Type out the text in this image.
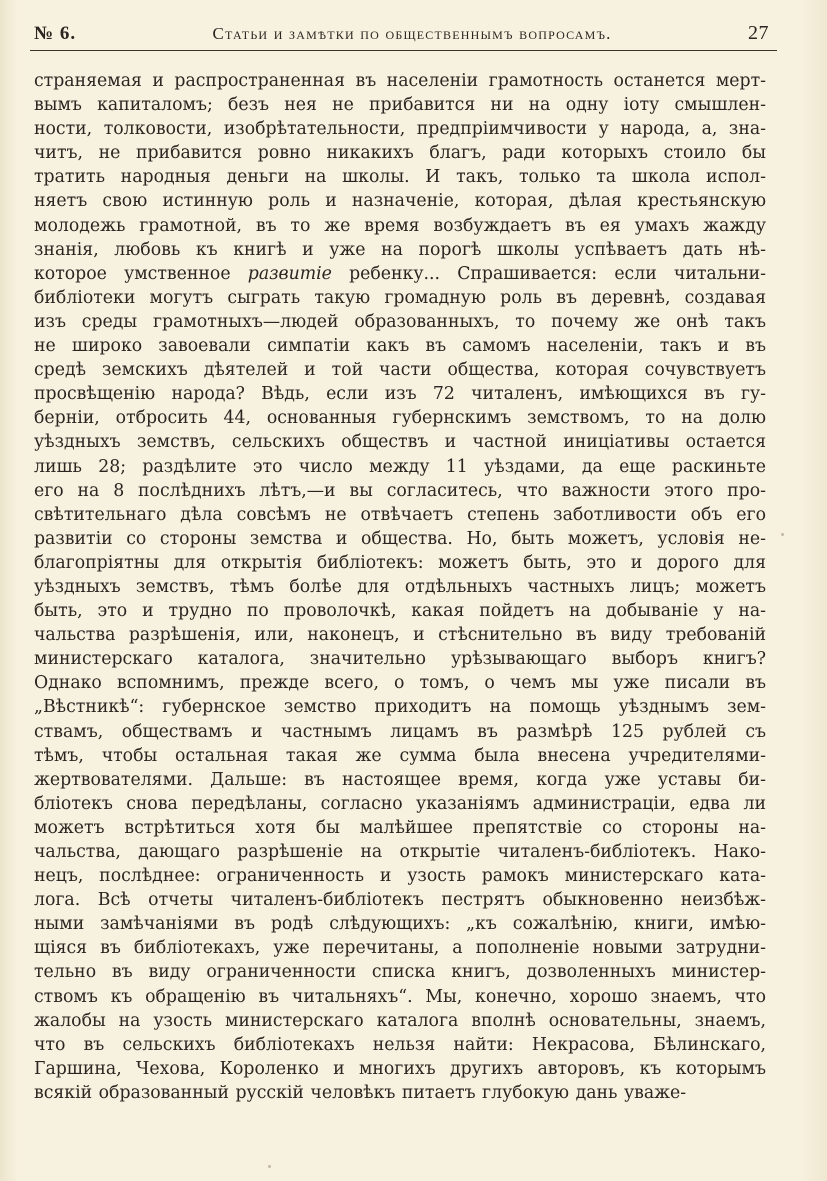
№ 6.	Статьи и замѣтки по общественнымъ вопросамъ.	27
страняемая и распространенная въ населеніи грамотность останется мерт-
вымъ капиталомъ; безъ нея не прибавится ни на одну іоту смышлен-
ности, толковости, изобрѣтательности, предпріимчивости у народа, а, зна-
читъ, не прибавится ровно никакихъ благъ, ради которыхъ стоило бы
тратить народныя деньги на школы. И такъ, только та школа испол-
няетъ свою истинную роль и назначеніе, которая, дѣлая крестьянскую
молодежь грамотной, въ то же время возбуждаетъ въ ея умахъ жажду
знанія, любовь къ книгѣ и уже на порогѣ школы успѣваетъ дать нѣ-
которое умственное развитіе ребенку... Спрашивается: если читальни-
библіотеки могутъ сыграть такую громадную роль въ деревнѣ, создавая
изъ среды грамотныхъ—людей образованныхъ, то почему же онѣ такъ
не широко завоевали симпатіи какъ въ самомъ населеніи, такъ и въ
средѣ земскихъ дѣятелей и той части общества, которая сочувствуетъ
просвѣщенію народа? Вѣдь, если изъ 72 читаленъ, имѣющихся въ гу-
берніи, отбросить 44, основанныя губернскимъ земствомъ, то на долю
уѣздныхъ земствъ, сельскихъ обществъ и частной иниціативы остается
лишь 28; раздѣлите это число между 11 уѣздами, да еще раскиньте
его на 8 послѣднихъ лѣтъ,—и вы согласитесь, что важности этого про-
свѣтительнаго дѣла совсѣмъ не отвѣчаетъ степень заботливости объ его
развитіи со стороны земства и общества. Но, быть можетъ, условія не-
благопріятны для открытія библіотекъ: можетъ быть, это и дорого для
уѣздныхъ земствъ, тѣмъ болѣе для отдѣльныхъ частныхъ лицъ; можетъ
быть, это и трудно по проволочкѣ, какая пойдетъ на добываніе у на-
чальства разрѣшенія, или, наконецъ, и стѣснительно въ виду требованій
министерскаго каталога, значительно урѣзывающаго выборъ книгъ?
Однако вспомнимъ, прежде всего, о томъ, о чемъ мы уже писали въ
„Вѣстникѣ“: губернское земство приходитъ на помощь уѣзднымъ зем-
ствамъ, обществамъ и частнымъ лицамъ въ размѣрѣ 125 рублей съ
тѣмъ, чтобы остальная такая же сумма была внесена учредителями-
жертвователями. Дальше: въ настоящее время, когда уже уставы би-
бліотекъ снова передѣланы, согласно указаніямъ администраціи, едва ли
можетъ встрѣтиться хотя бы малѣйшее препятствіе со стороны на-
чальства, дающаго разрѣшеніе на открытіе читаленъ-библіотекъ. Нако-
нецъ, послѣднее: ограниченность и узость рамокъ министерскаго ката-
лога. Всѣ отчеты читаленъ-библіотекъ пестрятъ обыкновенно неизбѣж-
ными замѣчаніями въ родѣ слѣдующихъ: „къ сожалѣнію, книги, имѣю-
щіяся въ библіотекахъ, уже перечитаны, а пополненіе новыми затрудни-
тельно въ виду ограниченности списка книгъ, дозволенныхъ министер-
ствомъ къ обращенію въ читальняхъ“. Мы, конечно, хорошо знаемъ, что
жалобы на узость министерскаго каталога вполнѣ основательны, знаемъ,
что въ сельскихъ библіотекахъ нельзя найти: Некрасова, Бѣлинскаго,
Гаршина, Чехова, Короленко и многихъ другихъ авторовъ, къ которымъ
всякій образованный русскій человѣкъ питаетъ глубокую дань уваже-
